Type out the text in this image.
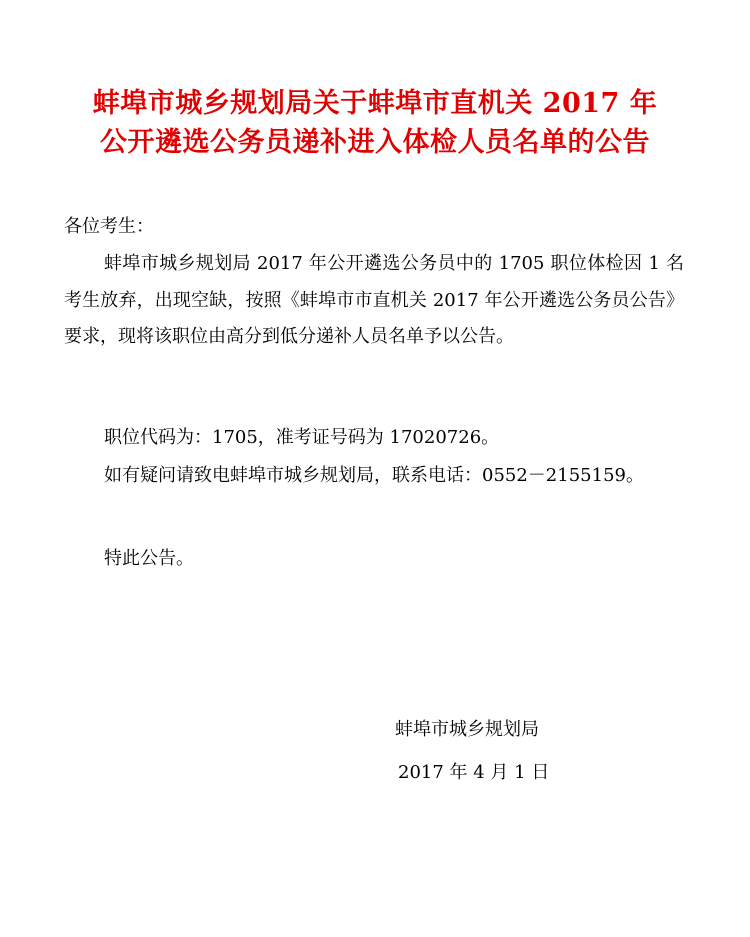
蚌埠市城乡规划局关于蚌埠市直机关 2017 年
公开遴选公务员递补进入体检人员名单的公告
各位考生：
蚌埠市城乡规划局 2017 年公开遴选公务员中的 1705 职位体检因 1 名考生放弃，出现空缺，按照《蚌埠市市直机关 2017 年公开遴选公务员公告》要求，现将该职位由高分到低分递补人员名单予以公告。
职位代码为：1705，准考证号码为 17020726。
如有疑问请致电蚌埠市城乡规划局，联系电话：0552－2155159。
特此公告。
蚌埠市城乡规划局
2017 年 4 月 1 日
